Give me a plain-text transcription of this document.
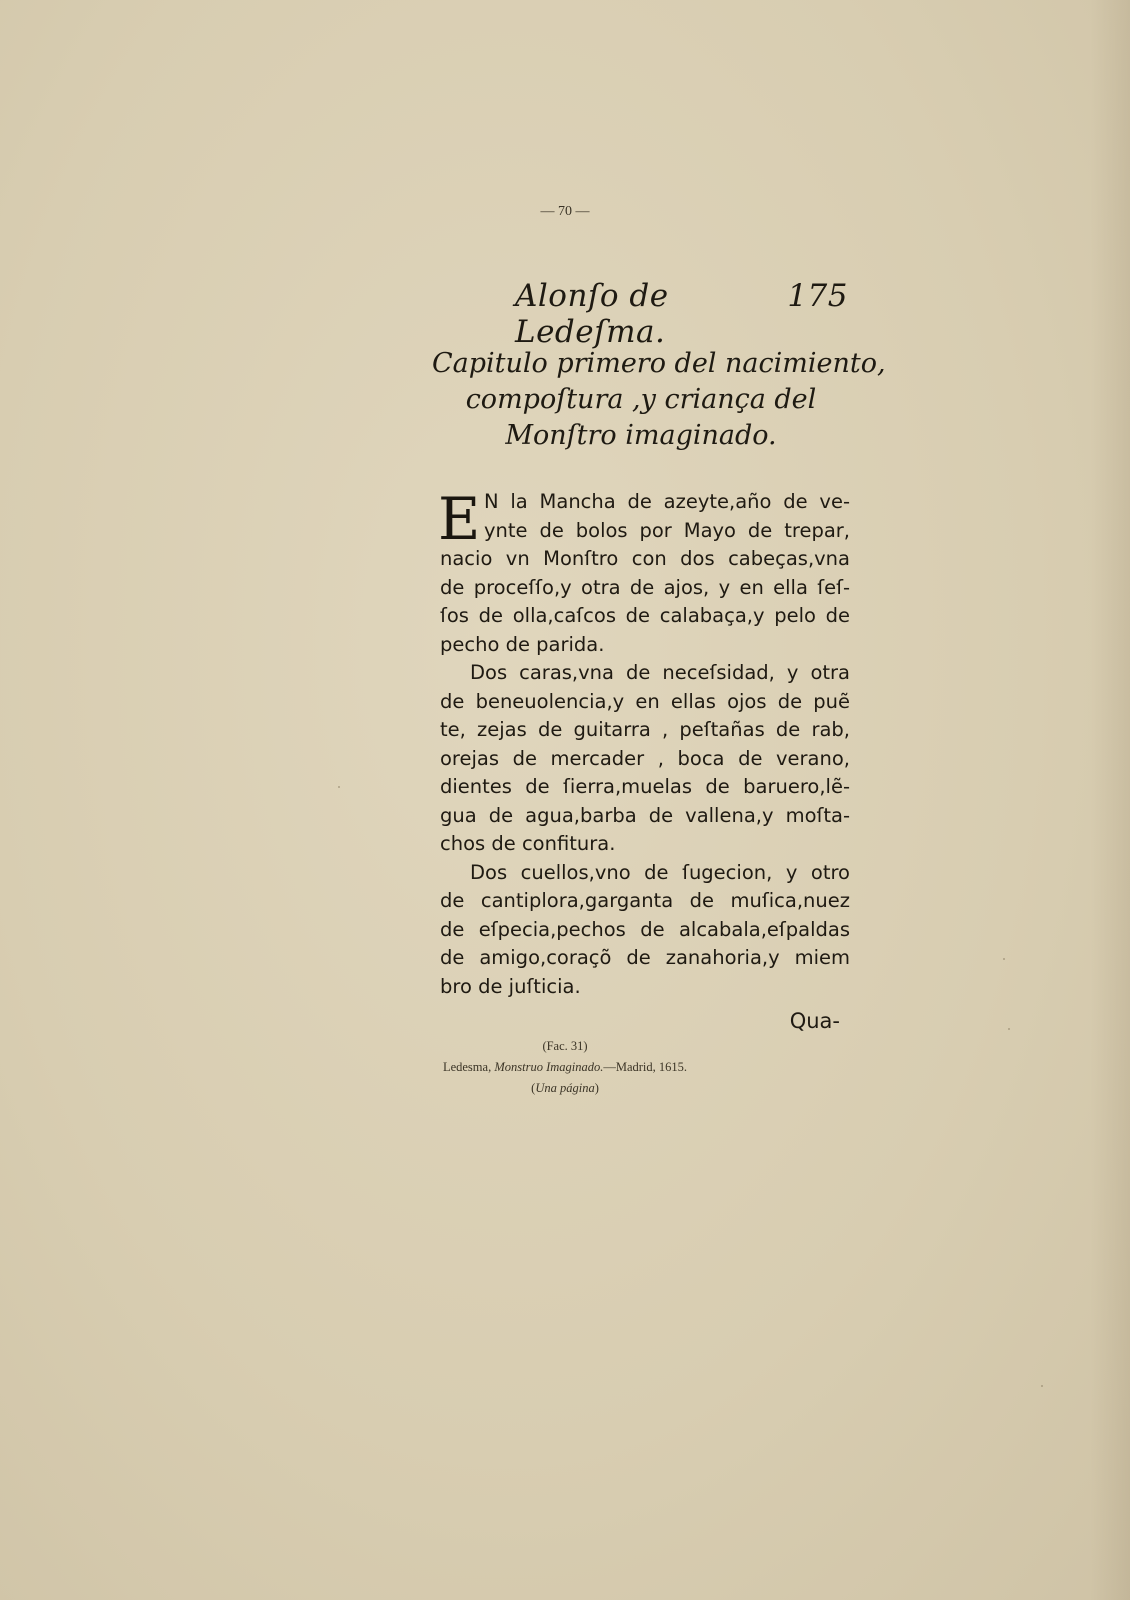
— 70 —
Alonſo de Ledeſma.
175
Capitulo primero del nacimiento,
compoſtura ,y criança del
Monſtro imaginado.
E N la Mancha de azeyte,año de ve-
ynte de bolos por Mayo de trepar,
nacio vn Monſtro con dos cabeças,vna
de proceſſo,y otra de ajos, y en ella ſeſ-
ſos de olla,caſcos de calabaça,y pelo de
pecho de parida.
Dos caras,vna de neceſsidad, y otra
de beneuolencia,y en ellas ojos de puẽ
te, zejas de guitarra , peſtañas de rab,
orejas de mercader , boca de verano,
dientes de ſierra,muelas de baruero,lẽ-
gua de agua,barba de vallena,y moſta-
chos de confitura.
Dos cuellos,vno de ſugecion, y otro
de cantiplora,garganta de muſica,nuez
de eſpecia,pechos de alcabala,eſpaldas
de amigo,coraçõ de zanahoria,y miem
bro de juſticia.
Qua-
(Fac. 31)
Ledesma, Monstruo Imaginado.—Madrid, 1615.
(Una página)
